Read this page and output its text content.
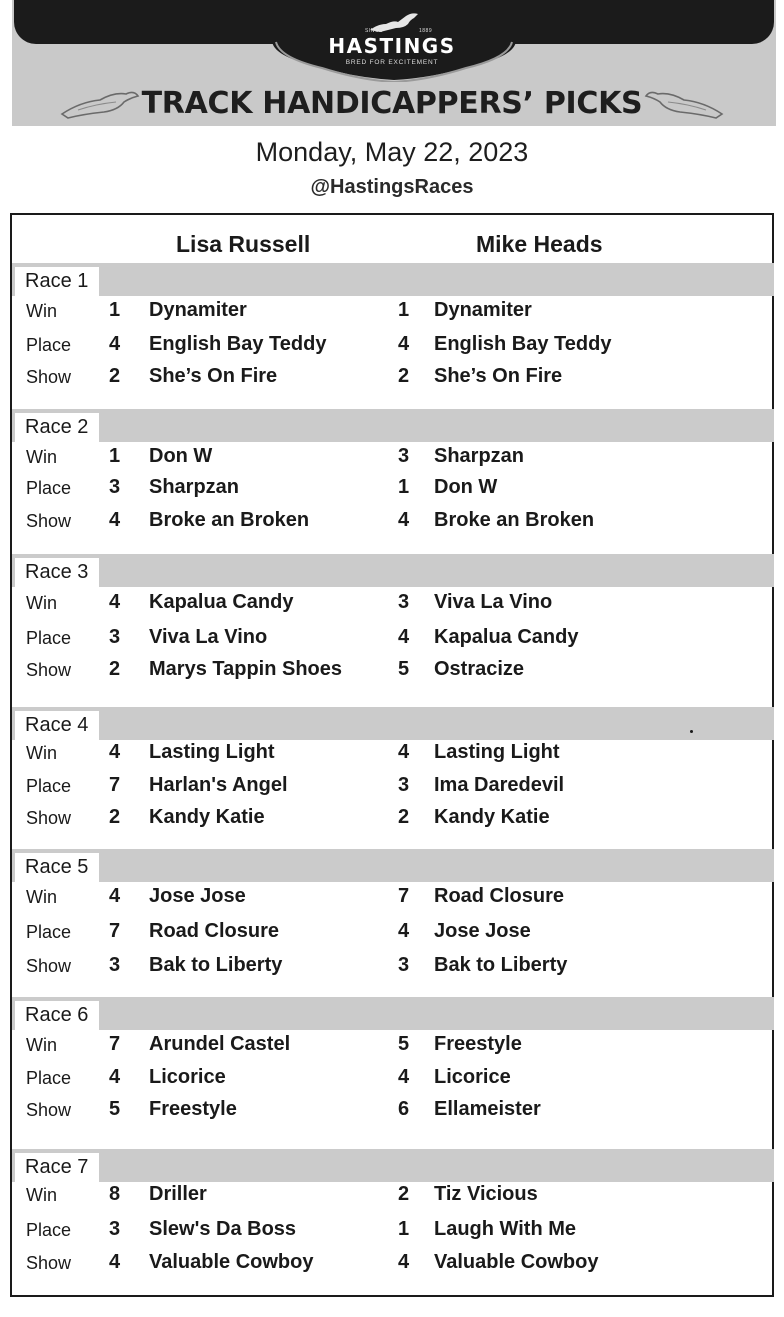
SINCE	1889
HASTINGS
BRED FOR EXCITEMENT
TRACK HANDICAPPERS’ PICKS
Monday, May 22, 2023
@HastingsRaces
Lisa Russell	Mike Heads
Race 1
Win	1 Dynamiter	1 Dynamiter
Place 4 English Bay Teddy	4 English Bay Teddy
Show 2 She’s On Fire	2 She’s On Fire
Race 2
Win	1 Don W	3 Sharpzan
Place 3 Sharpzan	1 Don W
Show 4 Broke an Broken	4 Broke an Broken
Race 3
Win	4 Kapalua Candy	3 Viva La Vino
Place 3 Viva La Vino	4 Kapalua Candy
Show 2 Marys Tappin Shoes	5 Ostracize
Race 4
Win	4 Lasting Light	4 Lasting Light
Place 7 Harlan's Angel	3 Ima Daredevil
Show 2 Kandy Katie	2 Kandy Katie
Race 5
Win	4 Jose Jose	7 Road Closure
Place 7 Road Closure	4 Jose Jose
Show 3 Bak to Liberty	3 Bak to Liberty
Race 6
Win	7 Arundel Castel	5 Freestyle
Place 4 Licorice	4 Licorice
Show 5 Freestyle	6 Ellameister
Race 7
Win	8 Driller	2 Tiz Vicious
Place 3 Slew's Da Boss	1 Laugh With Me
Show 4 Valuable Cowboy	4 Valuable Cowboy
